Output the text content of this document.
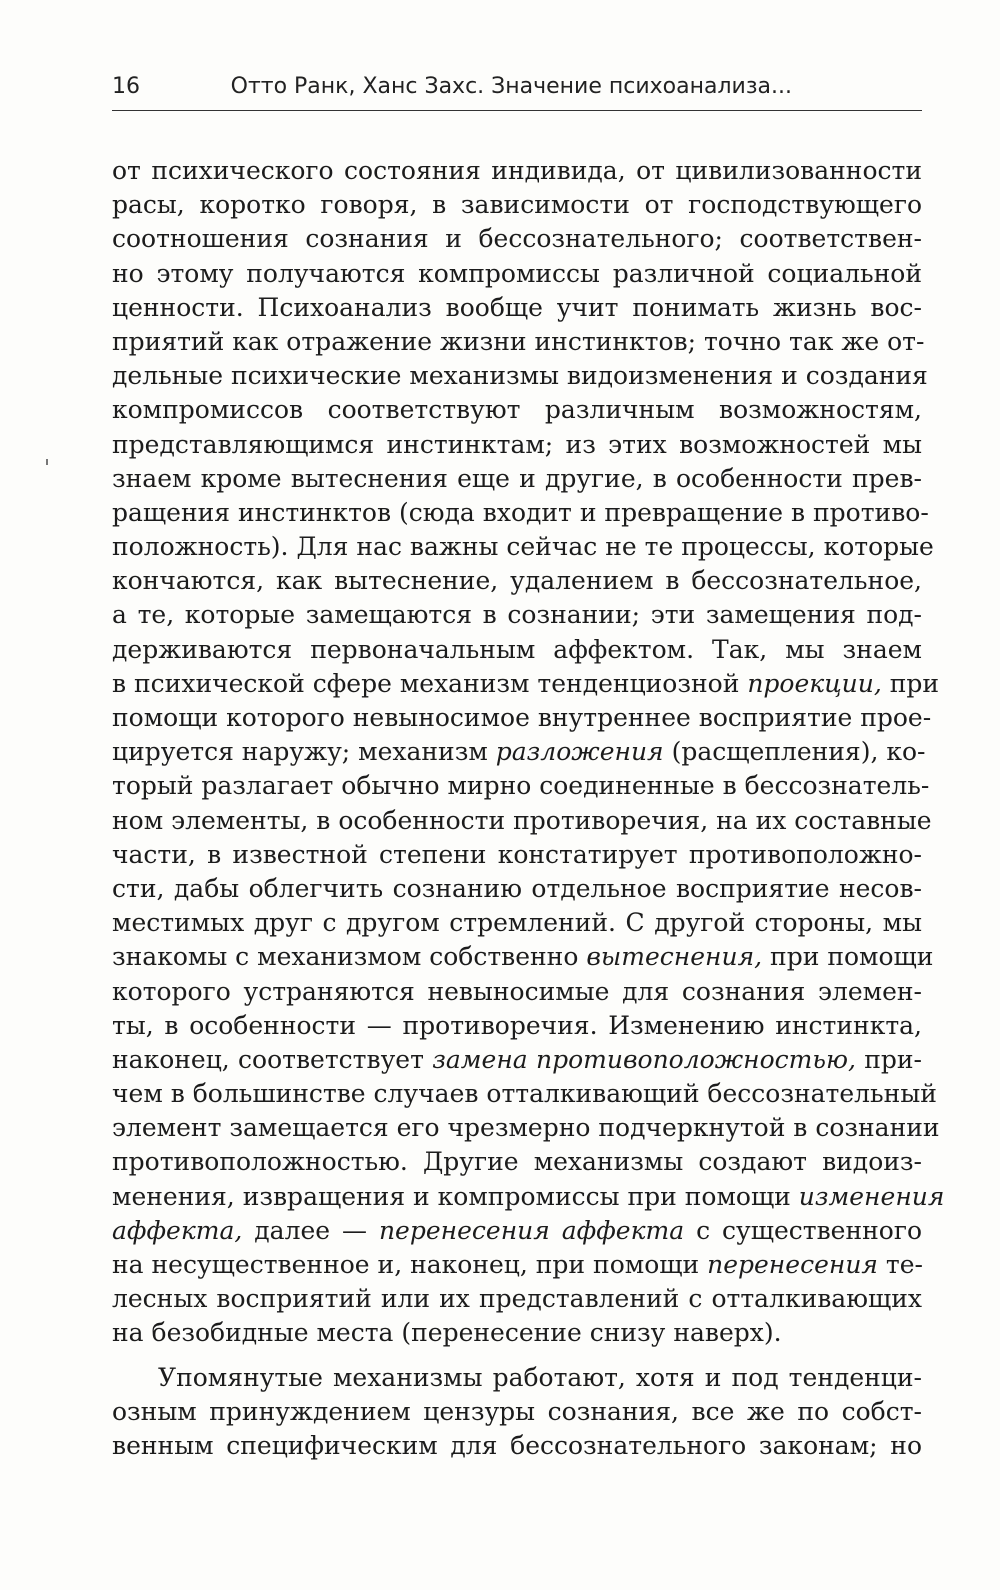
16	Отто Ранк, Ханс Захс. Значение психоанализа...
от психического состояния индивида, от цивилизованности
расы, коротко говоря, в зависимости от господствующего
соотношения сознания и бессознательного; соответствен-
но этому получаются компромиссы различной социальной
ценности. Психоанализ вообще учит понимать жизнь вос-
приятий как отражение жизни инстинктов; точно так же от-
дельные психические механизмы видоизменения и создания
компромиссов соответствуют различным возможностям,
представляющимся инстинктам; из этих возможностей мы
знаем кроме вытеснения еще и другие, в особенности прев-
ращения инстинктов (сюда входит и превращение в противо-
положность). Для нас важны сейчас не те процессы, которые
кончаются, как вытеснение, удалением в бессознательное,
а те, которые замещаются в сознании; эти замещения под-
держиваются первоначальным аффектом. Так, мы знаем
в психической сфере механизм тенденциозной проекции, при
помощи которого невыносимое внутреннее восприятие прое-
цируется наружу; механизм разложения (расщепления), ко-
торый разлагает обычно мирно соединенные в бессознатель-
ном элементы, в особенности противоречия, на их составные
части, в известной степени констатирует противоположно-
сти, дабы облегчить сознанию отдельное восприятие несов-
местимых друг с другом стремлений. С другой стороны, мы
знакомы с механизмом собственно вытеснения, при помощи
которого устраняются невыносимые для сознания элемен-
ты, в особенности — противоречия. Изменению инстинкта,
наконец, соответствует замена противоположностью, при-
чем в большинстве случаев отталкивающий бессознательный
элемент замещается его чрезмерно подчеркнутой в сознании
противоположностью. Другие механизмы создают видоиз-
менения, извращения и компромиссы при помощи изменения
аффекта, далее — перенесения аффекта с существенного
на несущественное и, наконец, при помощи перенесения те-
лесных восприятий или их представлений с отталкивающих
на безобидные места (перенесение снизу наверх).
Упомянутые механизмы работают, хотя и под тенденци-
озным принуждением цензуры сознания, все же по собст-
венным специфическим для бессознательного законам; но
